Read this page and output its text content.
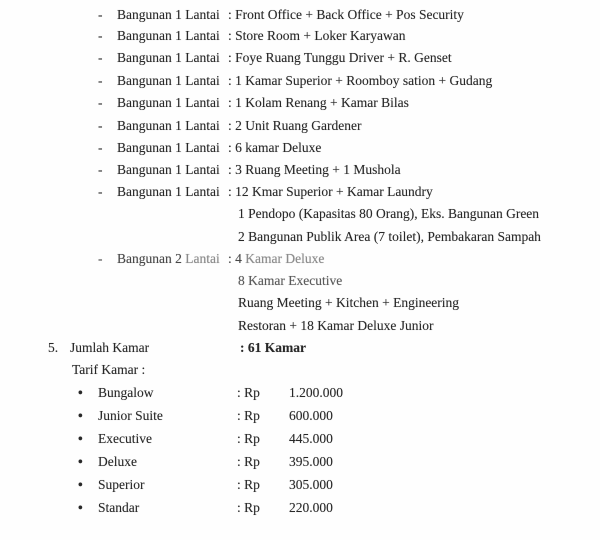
- Bangunan 1 Lantai : Front Office + Back Office + Pos Security
- Bangunan 1 Lantai : Store Room + Loker Karyawan
- Bangunan 1 Lantai : Foye Ruang Tunggu Driver + R. Genset
- Bangunan 1 Lantai : 1 Kamar Superior + Roomboy sation + Gudang
- Bangunan 1 Lantai : 1 Kolam Renang + Kamar Bilas
- Bangunan 1 Lantai : 2 Unit Ruang Gardener
- Bangunan 1 Lantai : 6 kamar Deluxe
- Bangunan 1 Lantai : 3 Ruang Meeting + 1 Mushola
- Bangunan 1 Lantai : 12 Kmar Superior + Kamar Laundry
1 Pendopo (Kapasitas 80 Orang), Eks. Bangunan Green
2 Bangunan Publik Area (7 toilet), Pembakaran Sampah
- Bangunan 2 Lantai : 4 Kamar Deluxe
8 Kamar Executive
Ruang Meeting + Kitchen + Engineering
Restoran + 18 Kamar Deluxe Junior
5. Jumlah Kamar	: 61 Kamar
Tarif Kamar :
• Bungalow	: Rp 1.200.000
• Junior Suite	: Rp 600.000
• Executive	: Rp 445.000
• Deluxe	: Rp 395.000
• Superior	: Rp 305.000
• Standar	: Rp 220.000
